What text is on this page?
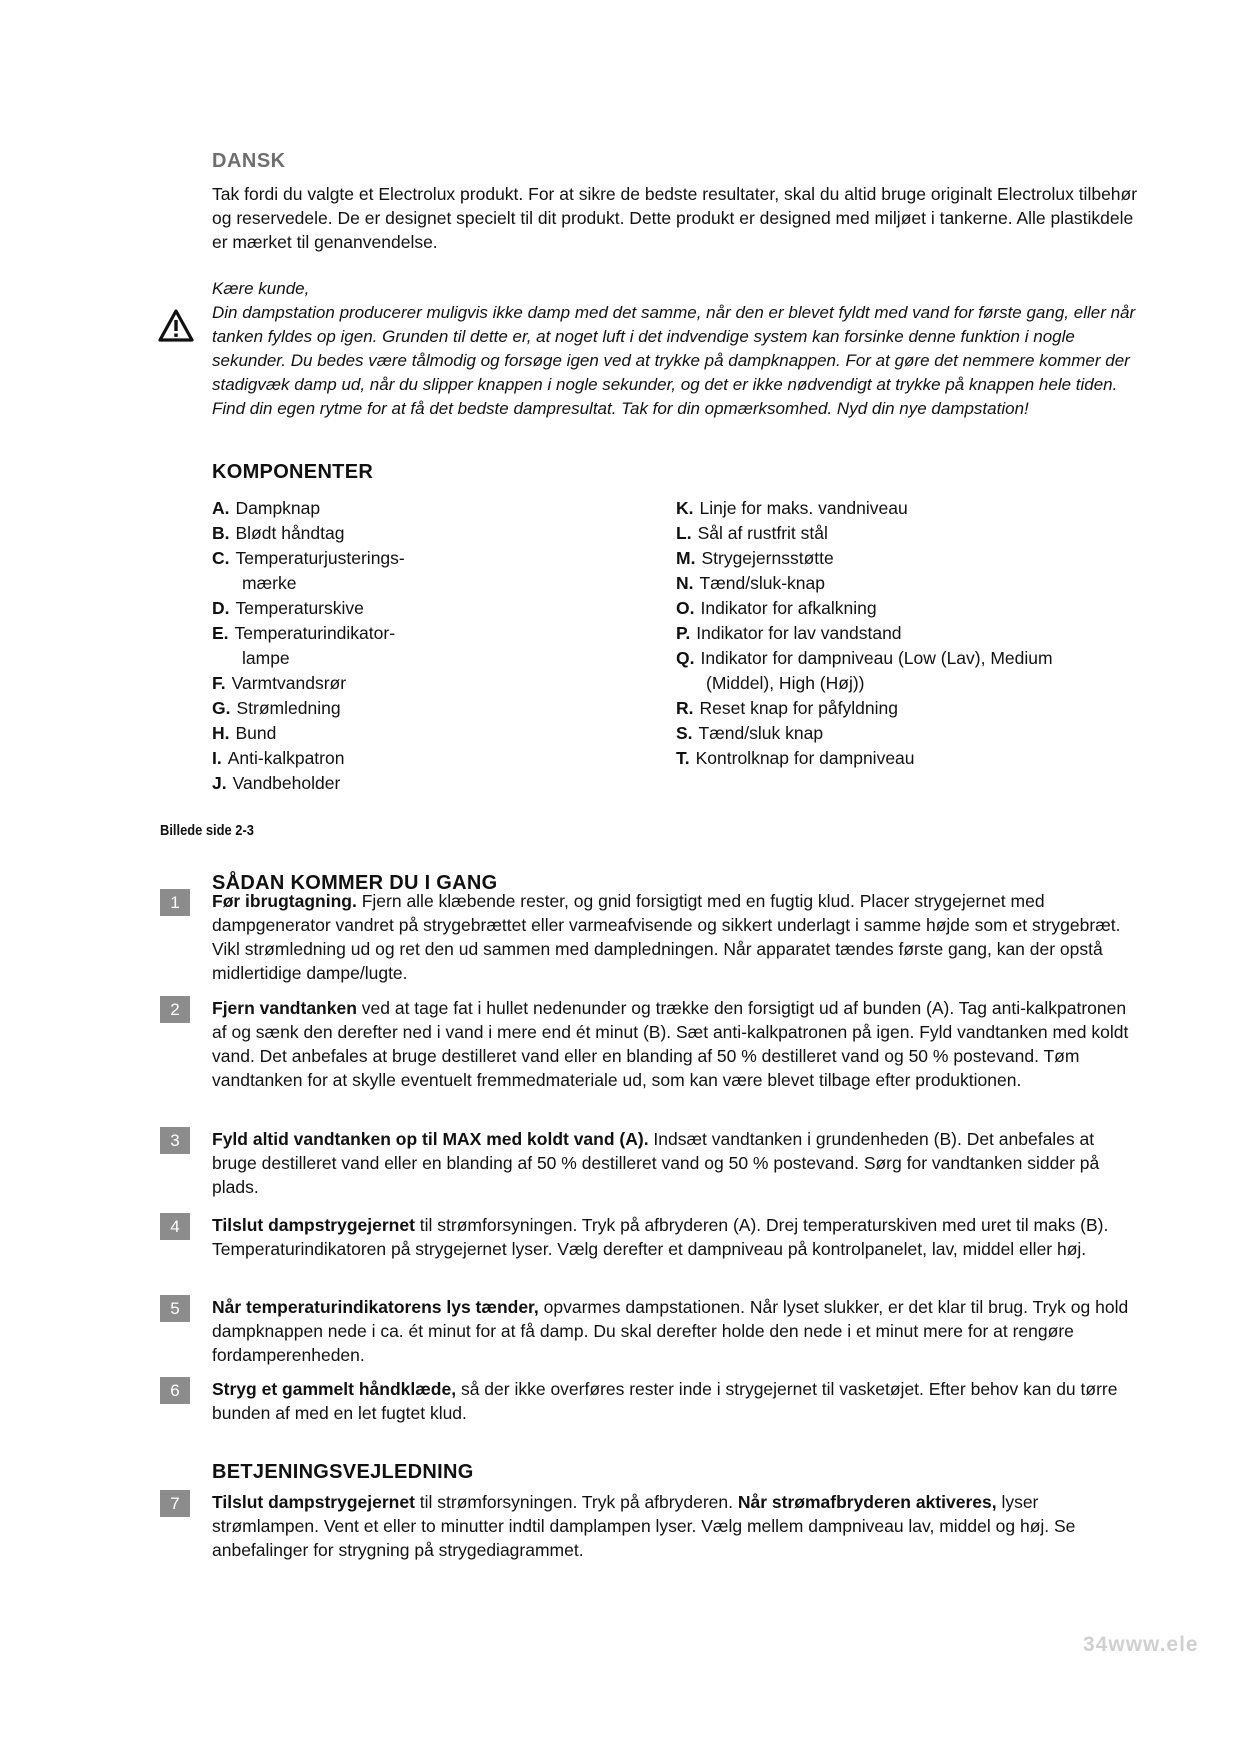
DANSK

Tak fordi du valgte et Electrolux produkt. For at sikre de bedste resultater, skal du altid bruge originalt Electrolux tilbehør og reservedele. De er designet specielt til dit produkt. Dette produkt er designed med miljøet i tankerne. Alle plastikdele er mærket til genanvendelse.

Kære kunde,
Din dampstation producerer muligvis ikke damp med det samme, når den er blevet fyldt med vand for første gang, eller når tanken fyldes op igen. Grunden til dette er, at noget luft i det indvendige system kan forsinke denne funktion i nogle sekunder. Du bedes være tålmodig og forsøge igen ved at trykke på dampknappen. For at gøre det nemmere kommer der stadigvæk damp ud, når du slipper knappen i nogle sekunder, og det er ikke nødvendigt at trykke på knappen hele tiden. Find din egen rytme for at få det bedste dampresultat. Tak for din opmærksomhed. Nyd din nye dampstation!
KOMPONENTER
A. Dampknap
B. Blødt håndtag
C. Temperaturjusterings-
mærke
D. Temperaturskive
E. Temperaturindikator-
lampe
F. Varmtvandsrør
G. Strømledning
H. Bund
I. Anti-kalkpatron
J. Vandbeholder
K. Linje for maks. vandniveau
L. Sål af rustfrit stål
M. Strygejernsstøtte
N. Tænd/sluk-knap
O. Indikator for afkalkning
P. Indikator for lav vandstand
Q. Indikator for dampniveau (Low (Lav), Medium
(Middel), High (Høj))
R. Reset knap for påfyldning
S. Tænd/sluk knap
T. Kontrolknap for dampniveau

Billede side 2-3

SÅDAN KOMMER DU I GANG
1	Før ibrugtagning. Fjern alle klæbende rester, og gnid forsigtigt med en fugtig klud. Placer strygejernet med dampgenerator vandret på strygebrættet eller varmeafvisende og sikkert underlagt i samme højde som et strygebræt. Vikl strømledning ud og ret den ud sammen med dampledningen. Når apparatet tændes første gang, kan der opstå midlertidige dampe/lugte.

2	Fjern vandtanken ved at tage fat i hullet nedenunder og trække den forsigtigt ud af bunden (A). Tag anti-kalkpatronen af og sænk den derefter ned i vand i mere end ét minut (B). Sæt anti-kalkpatronen på igen. Fyld vandtanken med koldt vand. Det anbefales at bruge destilleret vand eller en blanding af 50 % destilleret vand og 50 % postevand. Tøm vandtanken for at skylle eventuelt fremmedmateriale ud, som kan være blevet tilbage efter produktionen.

3	Fyld altid vandtanken op til MAX med koldt vand (A). Indsæt vandtanken i grundenheden (B). Det anbefales at bruge destilleret vand eller en blanding af 50 % destilleret vand og 50 % postevand. Sørg for vandtanken sidder på plads.

4	Tilslut dampstrygejernet til strømforsyningen. Tryk på afbryderen (A). Drej temperaturskiven med uret til maks (B). Temperaturindikatoren på strygejernet lyser. Vælg derefter et dampniveau på kontrolpanelet, lav, middel eller høj.

5	Når temperaturindikatorens lys tænder, opvarmes dampstationen. Når lyset slukker, er det klar til brug. Tryk og hold dampknappen nede i ca. ét minut for at få damp. Du skal derefter holde den nede i et minut mere for at rengøre fordamperenheden.

6	Stryg et gammelt håndklæde, så der ikke overføres rester inde i strygejernet til vasketøjet. Efter behov kan du tørre bunden af med en let fugtet klud.

BETJENINGSVEJLEDNING
7	Tilslut dampstrygejernet til strømforsyningen. Tryk på afbryderen. Når strømafbryderen aktiveres, lyser strømlampen. Vent et eller to minutter indtil damplampen lyser. Vælg mellem dampniveau lav, middel og høj. Se anbefalinger for strygning på strygediagrammet.

34www.ele
